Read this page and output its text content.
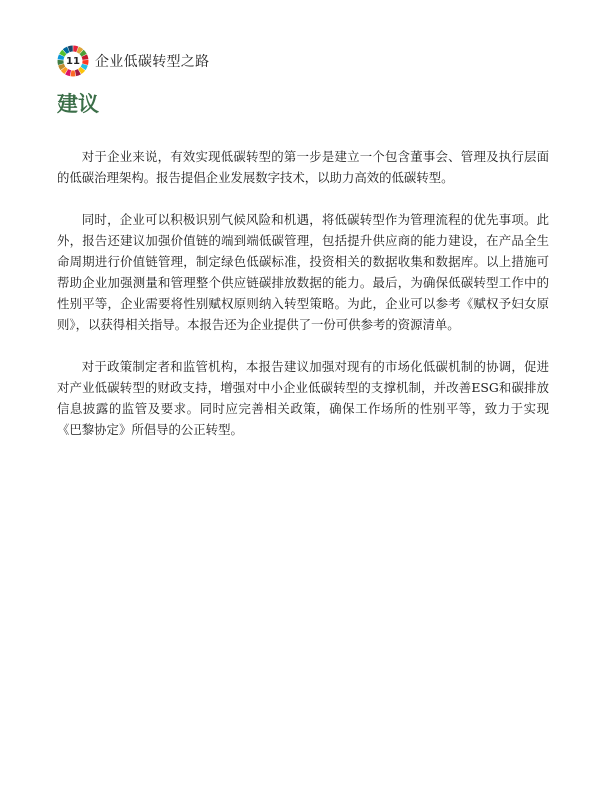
11	企业低碳转型之路
建议

对于企业来说，有效实现低碳转型的第一步是建立一个包含董事会、管理及执行层面的低碳治理架构。报告提倡企业发展数字技术，以助力高效的低碳转型。

同时，企业可以积极识别气候风险和机遇，将低碳转型作为管理流程的优先事项。此外，报告还建议加强价值链的端到端低碳管理，包括提升供应商的能力建设，在产品全生命周期进行价值链管理，制定绿色低碳标准，投资相关的数据收集和数据库。以上措施可帮助企业加强测量和管理整个供应链碳排放数据的能力。最后，为确保低碳转型工作中的性别平等，企业需要将性别赋权原则纳入转型策略。为此，企业可以参考《赋权予妇女原则》，以获得相关指导。本报告还为企业提供了一份可供参考的资源清单。

对于政策制定者和监管机构，本报告建议加强对现有的市场化低碳机制的协调，促进对产业低碳转型的财政支持，增强对中小企业低碳转型的支撑机制，并改善ESG和碳排放信息披露的监管及要求。同时应完善相关政策，确保工作场所的性别平等，致力于实现《巴黎协定》所倡导的公正转型。
